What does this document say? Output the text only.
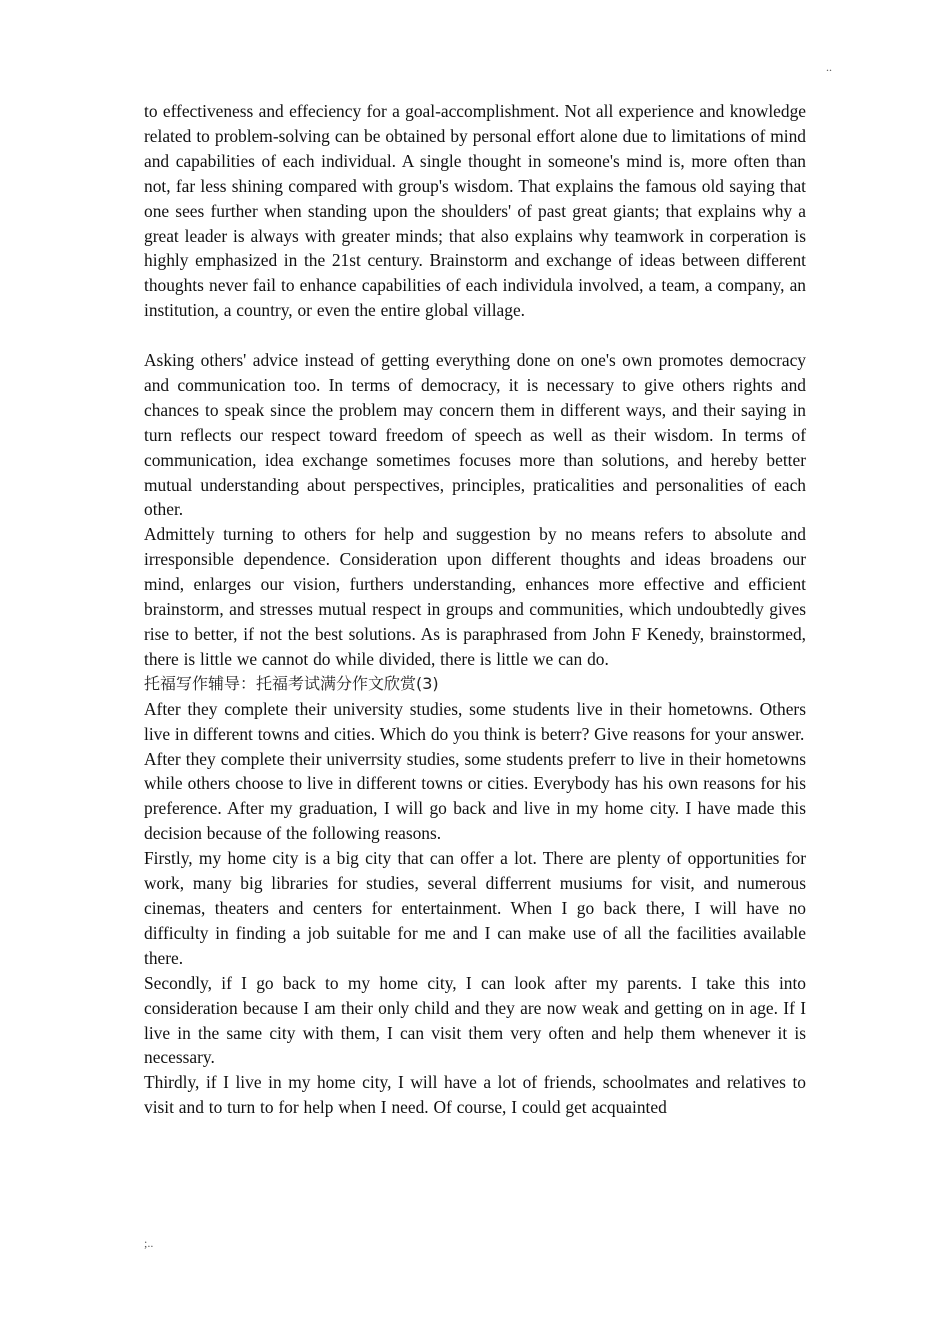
..

to effectiveness and effeciency for a goal-accomplishment. Not all experience and knowledge related to problem-solving can be obtained by personal effort alone due to limitations of mind and capabilities of each individual. A single thought in someone's mind is, more often than not, far less shining compared with group's wisdom. That explains the famous old saying that one sees further when standing upon the shoulders' of past great giants; that explains why a great leader is always with greater minds; that also explains why teamwork in corperation is highly emphasized in the 21st century. Brainstorm and exchange of ideas between different thoughts never fail to enhance capabilities of each individula involved, a team, a company, an institution, a country, or even the entire global village.

Asking others' advice instead of getting everything done on one's own promotes democracy and communication too. In terms of democracy, it is necessary to give others rights and chances to speak since the problem may concern them in different ways, and their saying in turn reflects our respect toward freedom of speech as well as their wisdom. In terms of communication, idea exchange sometimes focuses more than solutions, and hereby better mutual understanding about perspectives, principles, praticalities and personalities of each other.

Admittely turning to others for help and suggestion by no means refers to absolute and irresponsible dependence. Consideration upon different thoughts and ideas broadens our mind, enlarges our vision, furthers understanding, enhances more effective and efficient brainstorm, and stresses mutual respect in groups and communities, which undoubtedly gives rise to better, if not the best solutions. As is paraphrased from John F Kenedy, brainstormed, there is little we cannot do while divided, there is little we can do.

托福写作辅导：托福考试满分作文欣赏(3)

After they complete their university studies, some students live in their hometowns. Others live in different towns and cities. Which do you think is beterr? Give reasons for your answer.

After they complete their univerrsity studies, some students preferr to live in their hometowns while others choose to live in different towns or cities. Everybody has his own reasons for his preference. After my graduation, I will go back and live in my home city. I have made this decision because of the following reasons.

Firstly, my home city is a big city that can offer a lot. There are plenty of opportunities for work, many big libraries for studies, several differrent musiums for visit, and numerous cinemas, theaters and centers for entertainment. When I go back there, I will have no difficulty in finding a job suitable for me and I can make use of all the facilities available there.

Secondly, if I go back to my home city, I can look after my parents. I take this into consideration because I am their only child and they are now weak and getting on in age. If I live in the same city with them, I can visit them very often and help them whenever it is necessary.

Thirdly, if I live in my home city, I will have a lot of friends, schoolmates and relatives to visit and to turn to for help when I need. Of course, I could get acquainted

;..
